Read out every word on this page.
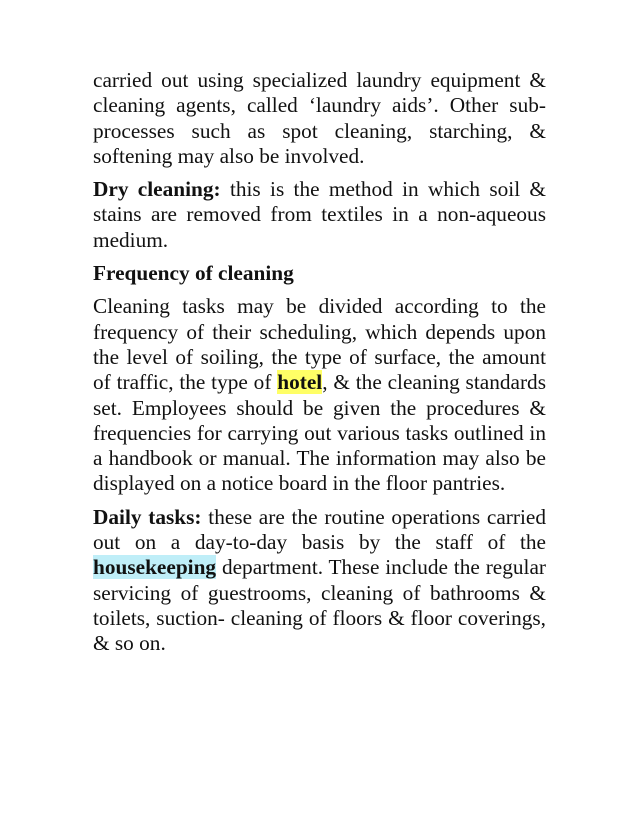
carried out using specialized laundry equipment & cleaning agents, called ‘laundry aids’. Other sub-processes such as spot cleaning, starching, & softening may also be involved.

Dry cleaning: this is the method in which soil & stains are removed from textiles in a non-aqueous medium.

Frequency of cleaning

Cleaning tasks may be divided according to the frequency of their scheduling, which depends upon the level of soiling, the type of surface, the amount of traffic, the type of hotel, & the cleaning standards set. Employees should be given the procedures & frequencies for carrying out various tasks outlined in a handbook or manual. The information may also be displayed on a notice board in the floor pantries.

Daily tasks: these are the routine operations carried out on a day-to-day basis by the staff of the housekeeping department. These include the regular servicing of guestrooms, cleaning of bathrooms & toilets, suction- cleaning of floors & floor coverings, & so on.
